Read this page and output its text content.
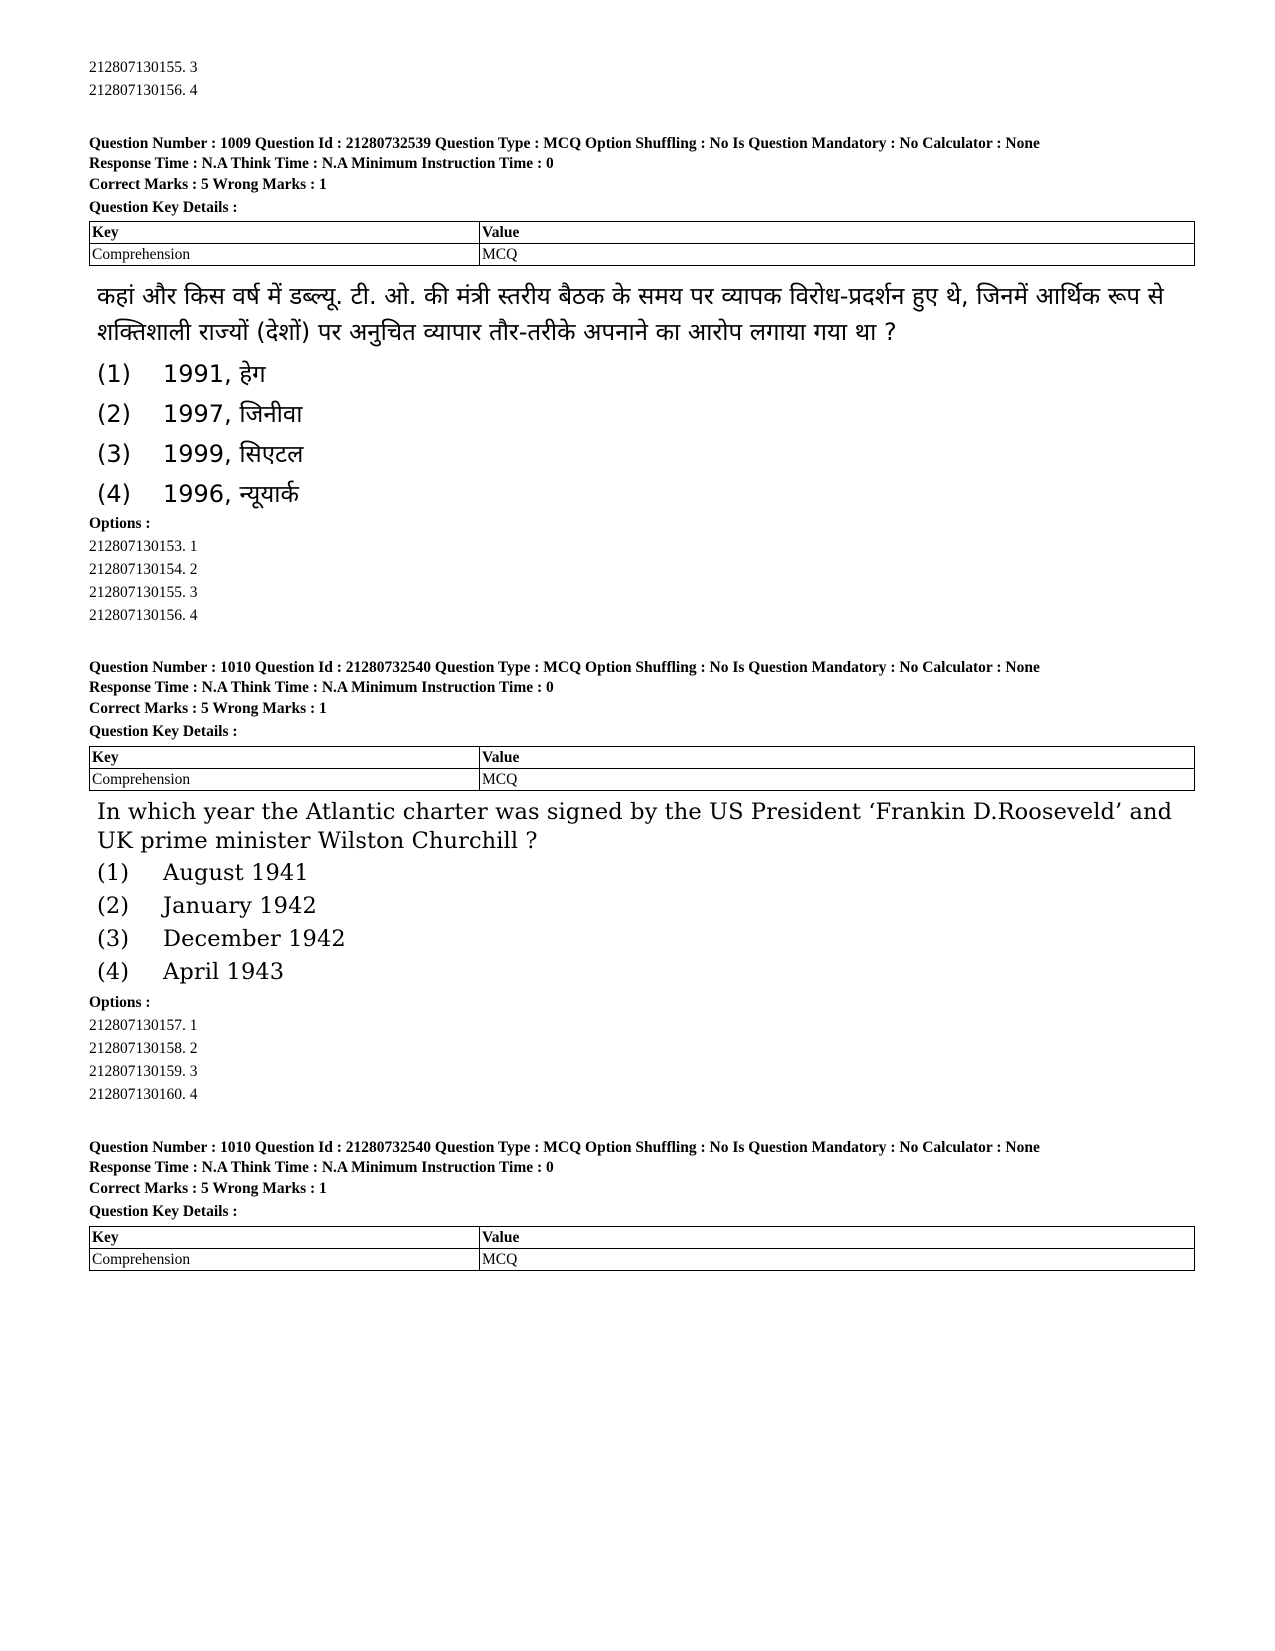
212807130155. 3
212807130156. 4
Question Number : 1009 Question Id : 21280732539 Question Type : MCQ Option Shuffling : No Is Question Mandatory : No Calculator : None
Response Time : N.A Think Time : N.A Minimum Instruction Time : 0
Correct Marks : 5 Wrong Marks : 1
Question Key Details :
Key	Value
Comprehension	MCQ
कहां और किस वर्ष में डब्ल्यू. टी. ओ. की मंत्री स्तरीय बैठक के समय पर व्यापक विरोध-प्रदर्शन हुए थे, जिनमें आर्थिक रूप से शक्तिशाली राज्यों (देशों) पर अनुचित व्यापार तौर-तरीके अपनाने का आरोप लगाया गया था ?
(1) 1991, हेग
(2) 1997, जिनीवा
(3) 1999, सिएटल
(4) 1996, न्यूयार्क
Options :
212807130153. 1
212807130154. 2
212807130155. 3
212807130156. 4
Question Number : 1010 Question Id : 21280732540 Question Type : MCQ Option Shuffling : No Is Question Mandatory : No Calculator : None
Response Time : N.A Think Time : N.A Minimum Instruction Time : 0
Correct Marks : 5 Wrong Marks : 1
Question Key Details :
Key	Value
Comprehension	MCQ
In which year the Atlantic charter was signed by the US President ‘Frankin D.Rooseveld’ and UK prime minister Wilston Churchill ?
(1) August 1941
(2) January 1942
(3) December 1942
(4) April 1943
Options :
212807130157. 1
212807130158. 2
212807130159. 3
212807130160. 4
Question Number : 1010 Question Id : 21280732540 Question Type : MCQ Option Shuffling : No Is Question Mandatory : No Calculator : None
Response Time : N.A Think Time : N.A Minimum Instruction Time : 0
Correct Marks : 5 Wrong Marks : 1
Question Key Details :
Key	Value
Comprehension	MCQ
